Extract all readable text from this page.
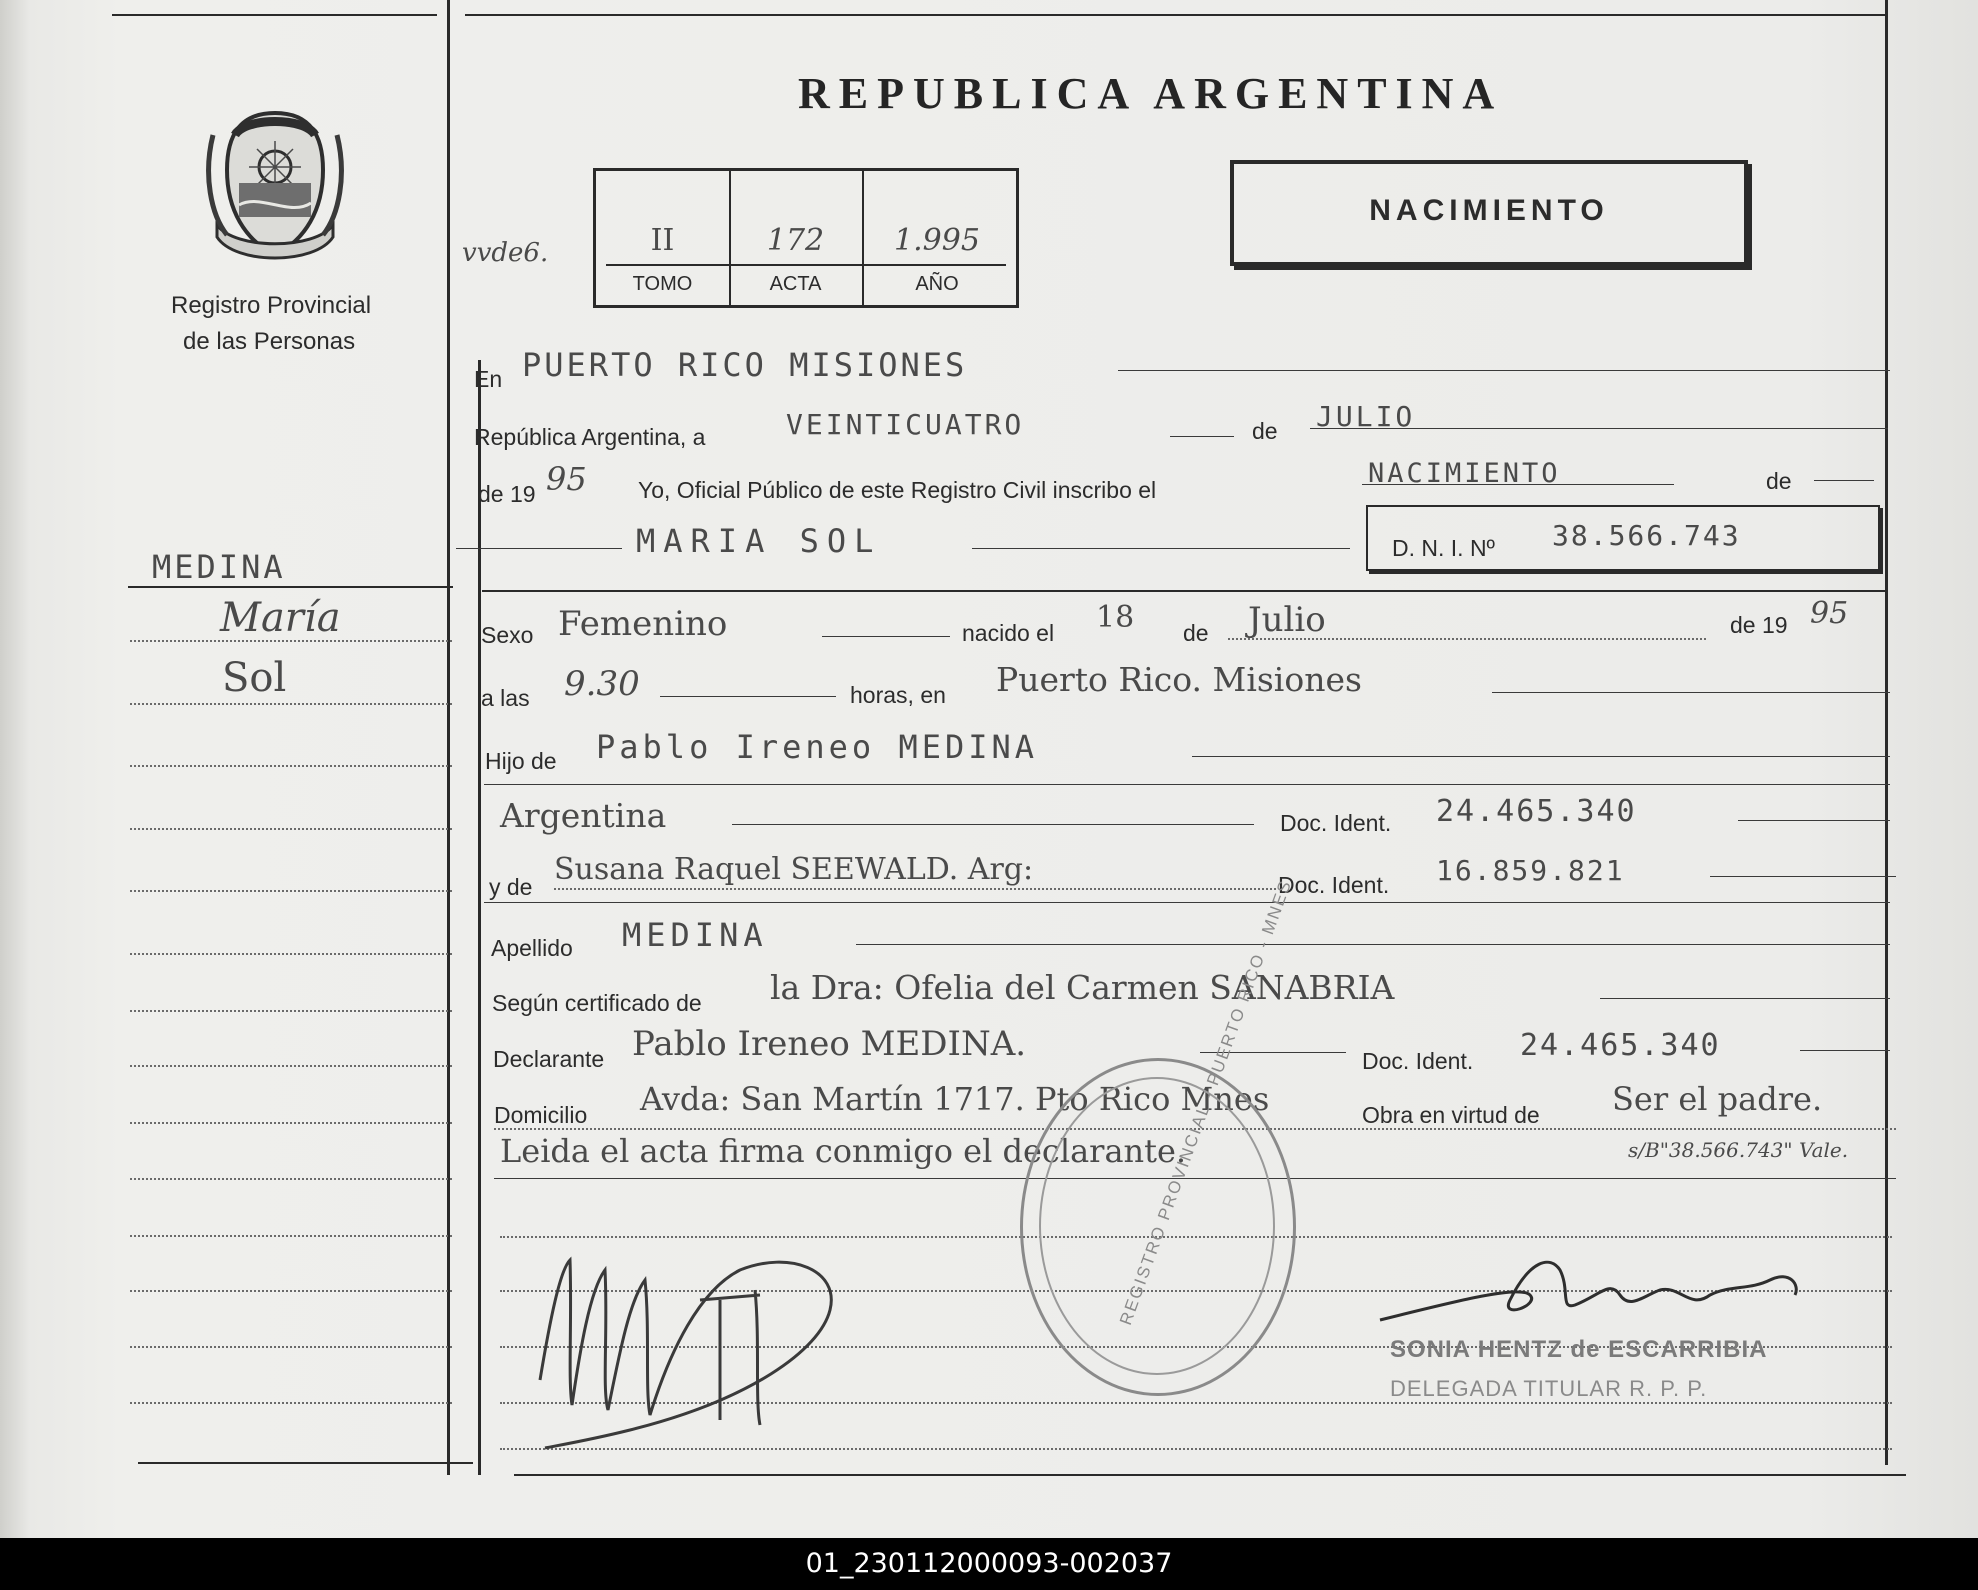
Registro Provincial
de las Personas
REPUBLICA ARGENTINA
NACIMIENTO
vvde6.	II	172	1.995
TOMO	ACTA	AÑO
MEDINA
María
Sol
En PUERTO RICO MISIONES
República Argentina, a	VEINTICUATRO	de JULIO
de 19 95 Yo, Oficial Público de este Registro Civil inscribo el
NACIMIENTO	de
MARIA SOL	D. N. I. Nº 38.566.743
Sexo Femenino	nacido el 18 de Julio	de 19 95
a las 9.30	horas, en Puerto Rico. Misiones
Hijo de Pablo Ireneo MEDINA
Argentina	Doc. Ident. 24.465.340
y de Susana Raquel SEEWALD. Arg:	Doc. Ident. 16.859.821
Apellido MEDINA
Según certificado de la Dra: Ofelia del Carmen SANABRIA
Declarante Pablo Ireneo MEDINA.	Doc. Ident. 24.465.340
Domicilio Avda: San Martín 1717. Pto Rico Mnes	Obra en virtud de Ser el padre.
Leida el acta firma conmigo el declarante.	s/B"38.566.743" Vale.
REGISTRO PROVINCIAL - PUERTO RICO - MNES
SONIA HENTZ de ESCARRIBIA
DELEGADA TITULAR R. P. P.
01_230112000093-002037
